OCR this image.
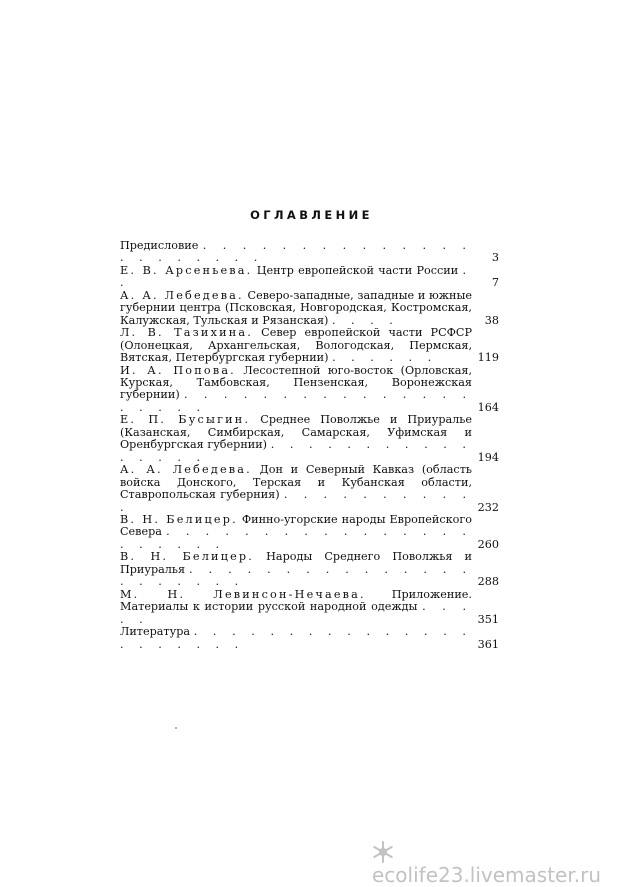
ОГЛАВЛЕНИЕ
Предисловие . . . . . . . . . . . . . . . . . . . . . .	3
Е. В. Арсеньева. Центр европейской части России . .	7
А. А. Лебедева. Северо-западные, западные и южные губернии центра (Псковская, Новгородская, Костромская, Калужская, Тульская и Рязанская) . . . .	38
Л. В. Тазихина. Север европейской части РСФСР (Олонецкая, Архангельская, Вологодская, Пермская, Вятская, Петербургская губернии) . . . . . .	119
И. А. Попова. Лесостепной юго-восток (Орловская, Курская, Тамбовская, Пензенская, Воронежская губернии) . . . . . . . . . . . . . . . . . . . .	164
Е. П. Бусыгин. Среднее Поволжье и Приуралье (Казанская, Симбирская, Самарская, Уфимская и Оренбургская губернии) . . . . . . . . . . . . . . . .	194
А. А. Лебедева. Дон и Северный Кавказ (область войска Донского, Терская и Кубанская области, Ставропольская губерния) . . . . . . . . . . .	232
В. Н. Белицер. Финно-угорские народы Европейского Севера . . . . . . . . . . . . . . . . . . . . . .	260
В. Н. Белицер. Народы Среднего Поволжья и Приуралья . . . . . . . . . . . . . . . . . . . . . .	288
М. Н. Левинсон-Нечаева. Приложение. Материалы к истории русской народной одежды . . . . .	351
Литература . . . . . . . . . . . . . . . . . . . . . .	361
ecolife23.livemaster.ru
